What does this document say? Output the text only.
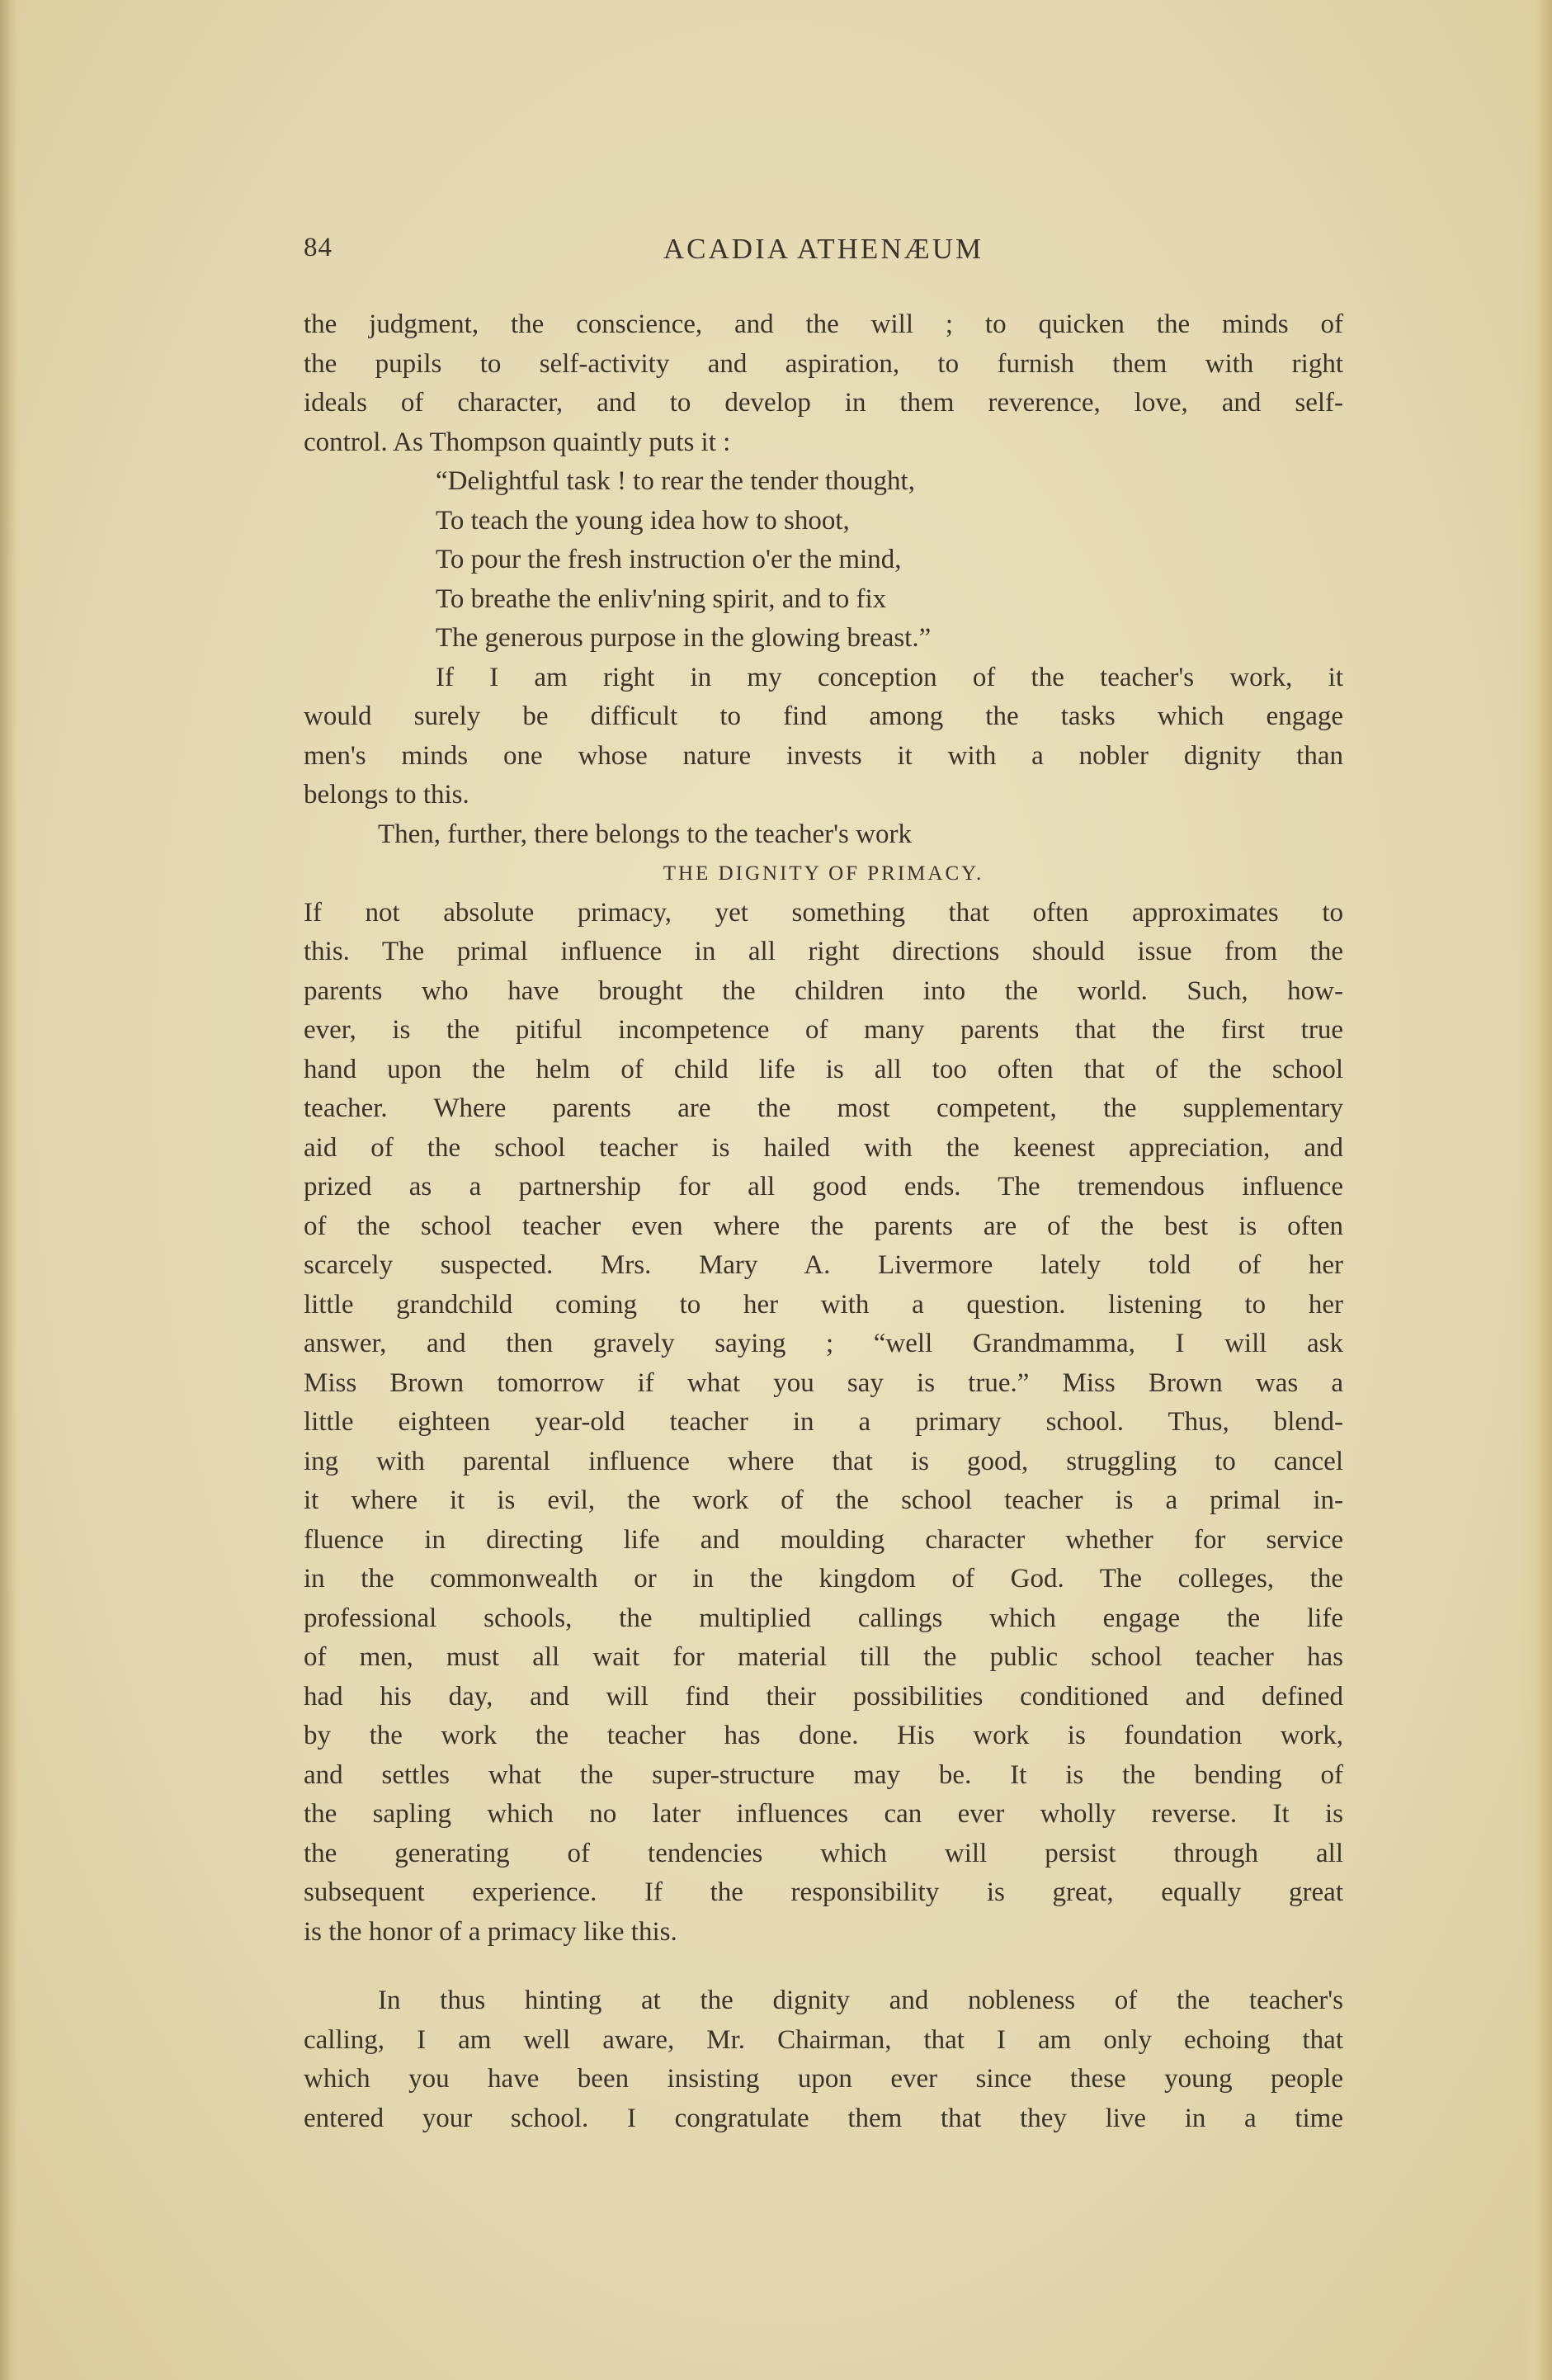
84	ACADIA ATHENÆUM
the judgment, the conscience, and the will ; to quicken the minds of
the pupils to self-activity and aspiration, to furnish them with right
ideals of character, and to develop in them reverence, love, and self-
control. As Thompson quaintly puts it :
“Delightful task ! to rear the tender thought,
To teach the young idea how to shoot,
To pour the fresh instruction o'er the mind,
To breathe the enliv'ning spirit, and to fix
The generous purpose in the glowing breast.”
If I am right in my conception of the teacher's work, it
would surely be difficult to find among the tasks which engage
men's minds one whose nature invests it with a nobler dignity than
belongs to this.
Then, further, there belongs to the teacher's work
THE DIGNITY OF PRIMACY.
If not absolute primacy, yet something that often approximates to
this. The primal influence in all right directions should issue from the
parents who have brought the children into the world. Such, how-
ever, is the pitiful incompetence of many parents that the first true
hand upon the helm of child life is all too often that of the school
teacher. Where parents are the most competent, the supplementary
aid of the school teacher is hailed with the keenest appreciation, and
prized as a partnership for all good ends. The tremendous influence
of the school teacher even where the parents are of the best is often
scarcely suspected. Mrs. Mary A. Livermore lately told of her
little grandchild coming to her with a question. listening to her
answer, and then gravely saying ; “well Grandmamma, I will ask
Miss Brown tomorrow if what you say is true.” Miss Brown was a
little eighteen year-old teacher in a primary school. Thus, blend-
ing with parental influence where that is good, struggling to cancel
it where it is evil, the work of the school teacher is a primal in-
fluence in directing life and moulding character whether for service
in the commonwealth or in the kingdom of God. The colleges, the
professional schools, the multiplied callings which engage the life
of men, must all wait for material till the public school teacher has
had his day, and will find their possibilities conditioned and defined
by the work the teacher has done. His work is foundation work,
and settles what the super-structure may be. It is the bending of
the sapling which no later influences can ever wholly reverse. It is
the generating of tendencies which will persist through all
subsequent experience. If the responsibility is great, equally great
is the honor of a primacy like this.
In thus hinting at the dignity and nobleness of the teacher's
calling, I am well aware, Mr. Chairman, that I am only echoing that
which you have been insisting upon ever since these young people
entered your school. I congratulate them that they live in a time
